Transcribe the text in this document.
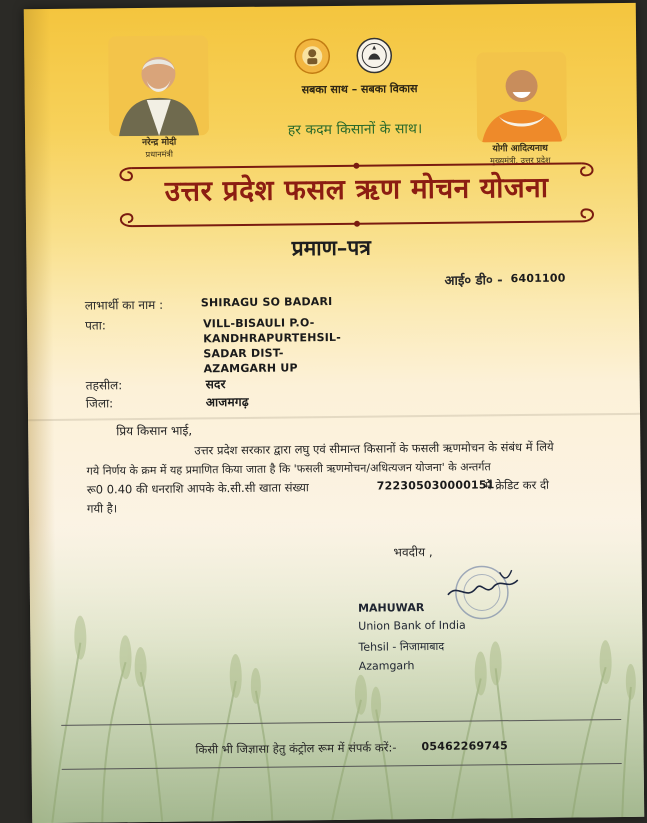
नरेन्द्र मोदी
प्रधानमंत्री
सबका साथ – सबका विकास
हर कदम किसानों के साथ।
योगी आदित्यनाथ
मुख्यमंत्री, उत्तर प्रदेश
उत्तर प्रदेश फसल ऋण मोचन योजना
प्रमाण–पत्र
आई० डी० - 6401100
लाभार्थी का नाम :	SHIRAGU SO BADARI
पता:	VILL-BISAULI P.O-
KANDHRAPURTEHSIL-
SADAR DIST-
AZAMGARH UP
तहसील:	सदर
जिला:	आजमगढ़
प्रिय किसान भाई,
उत्तर प्रदेश सरकार द्वारा लघु एवं सीमान्त किसानों के फसली ऋणमोचन के संबंध में लिये
गये निर्णय के क्रम में यह प्रमाणित किया जाता है कि 'फसली ऋणमोचन/अधित्यजन योजना' के अन्तर्गत
रू0 0.40 की धनराशि आपके के.सी.सी खाता संख्या	722305030000151
में क्रेडिट कर दी
गयी है।
भवदीय ,
MAHUWAR
Union Bank of India
Tehsil - निजामाबाद
Azamgarh
किसी भी जिज्ञासा हेतु कंट्रोल रूम में संपर्क करें:- 05462269745
